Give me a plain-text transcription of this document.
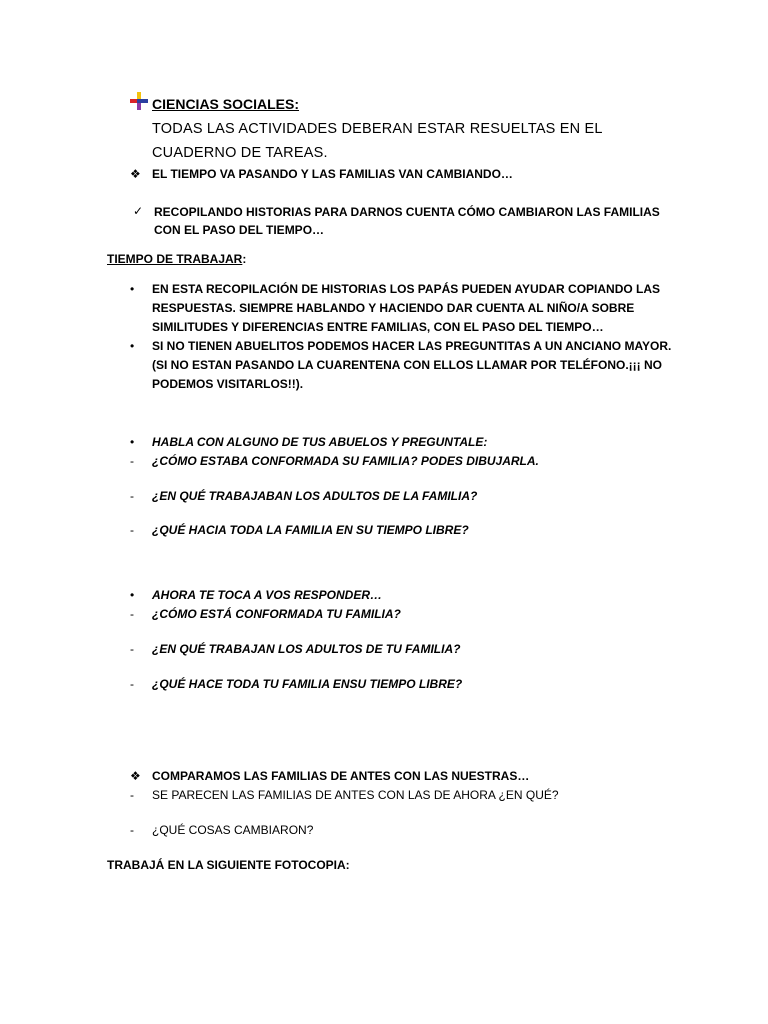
CIENCIAS SOCIALES:
TODAS LAS ACTIVIDADES DEBERAN ESTAR RESUELTAS EN EL
CUADERNO DE TAREAS.
❖ EL TIEMPO VA PASANDO Y LAS FAMILIAS VAN CAMBIANDO…
✓ RECOPILANDO HISTORIAS PARA DARNOS CUENTA CÓMO CAMBIARON LAS FAMILIAS
CON EL PASO DEL TIEMPO…
TIEMPO DE TRABAJAR:
• EN ESTA RECOPILACIÓN DE HISTORIAS LOS PAPÁS PUEDEN AYUDAR COPIANDO LAS
RESPUESTAS. SIEMPRE HABLANDO Y HACIENDO DAR CUENTA AL NIÑO/A SOBRE
SIMILITUDES Y DIFERENCIAS ENTRE FAMILIAS, CON EL PASO DEL TIEMPO…
• SI NO TIENEN ABUELITOS PODEMOS HACER LAS PREGUNTITAS A UN ANCIANO MAYOR.
(SI NO ESTAN PASANDO LA CUARENTENA CON ELLOS LLAMAR POR TELÉFONO.¡¡¡ NO
PODEMOS VISITARLOS!!).
• HABLA CON ALGUNO DE TUS ABUELOS Y PREGUNTALE:
- ¿CÓMO ESTABA CONFORMADA SU FAMILIA? PODES DIBUJARLA.
- ¿EN QUÉ TRABAJABAN LOS ADULTOS DE LA FAMILIA?
- ¿QUÉ HACIA TODA LA FAMILIA EN SU TIEMPO LIBRE?
• AHORA TE TOCA A VOS RESPONDER…
- ¿CÓMO ESTÁ CONFORMADA TU FAMILIA?
- ¿EN QUÉ TRABAJAN LOS ADULTOS DE TU FAMILIA?
- ¿QUÉ HACE TODA TU FAMILIA ENSU TIEMPO LIBRE?
❖ COMPARAMOS LAS FAMILIAS DE ANTES CON LAS NUESTRAS…
- SE PARECEN LAS FAMILIAS DE ANTES CON LAS DE AHORA ¿EN QUÉ?
- ¿QUÉ COSAS CAMBIARON?
TRABAJÁ EN LA SIGUIENTE FOTOCOPIA:
